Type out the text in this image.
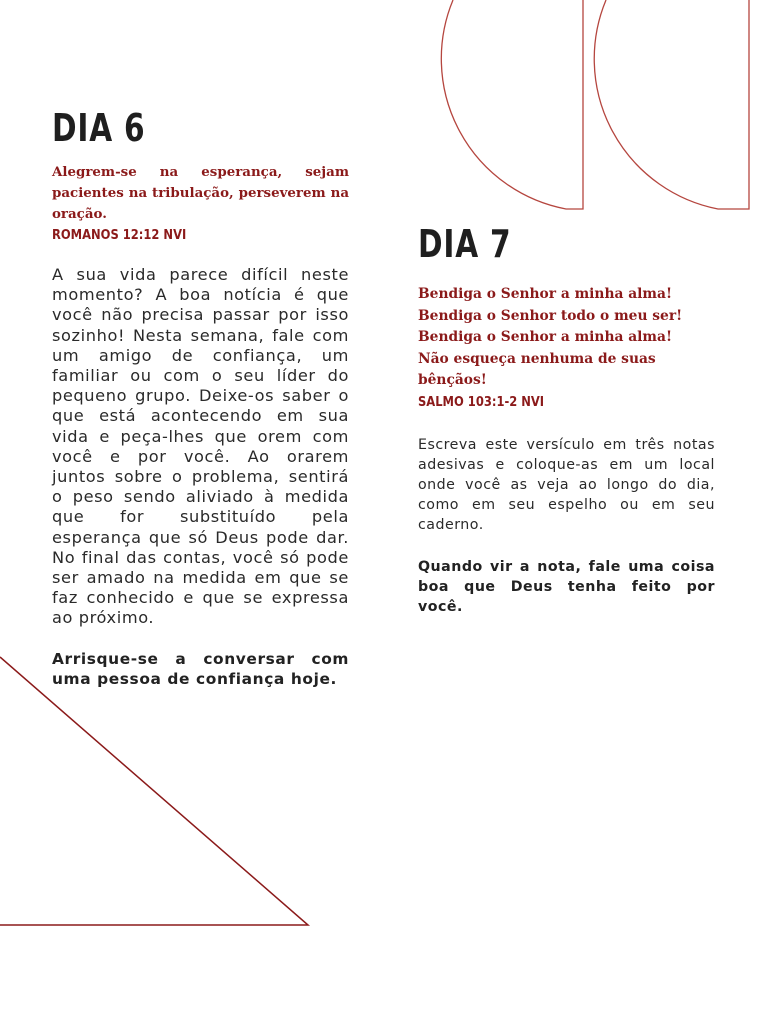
DIA 6
Alegrem-se na esperança, sejam pacientes na tribulação, perseverem na oração.
ROMANOS 12:12 NVI

A sua vida parece difícil neste momento? A boa notícia é que você não precisa passar por isso sozinho! Nesta semana, fale com um amigo de confiança, um familiar ou com o seu líder do pequeno grupo. Deixe-os saber o que está acontecendo em sua vida e peça-lhes que orem com você e por você. Ao orarem juntos sobre o problema, sentirá o peso sendo aliviado à medida que for substituído pela esperança que só Deus pode dar. No final das contas, você só pode ser amado na medida em que se faz conhecido e que se expressa ao próximo.

Arrisque-se a conversar com uma pessoa de confiança hoje.

DIA 7
Bendiga o Senhor a minha alma!
Bendiga o Senhor todo o meu ser!
Bendiga o Senhor a minha alma!
Não esqueça nenhuma de suas bênçãos!
SALMO 103:1-2 NVI

Escreva este versículo em três notas adesivas e coloque-as em um local onde você as veja ao longo do dia, como em seu espelho ou em seu caderno.

Quando vir a nota, fale uma coisa boa que Deus tenha feito por você.
